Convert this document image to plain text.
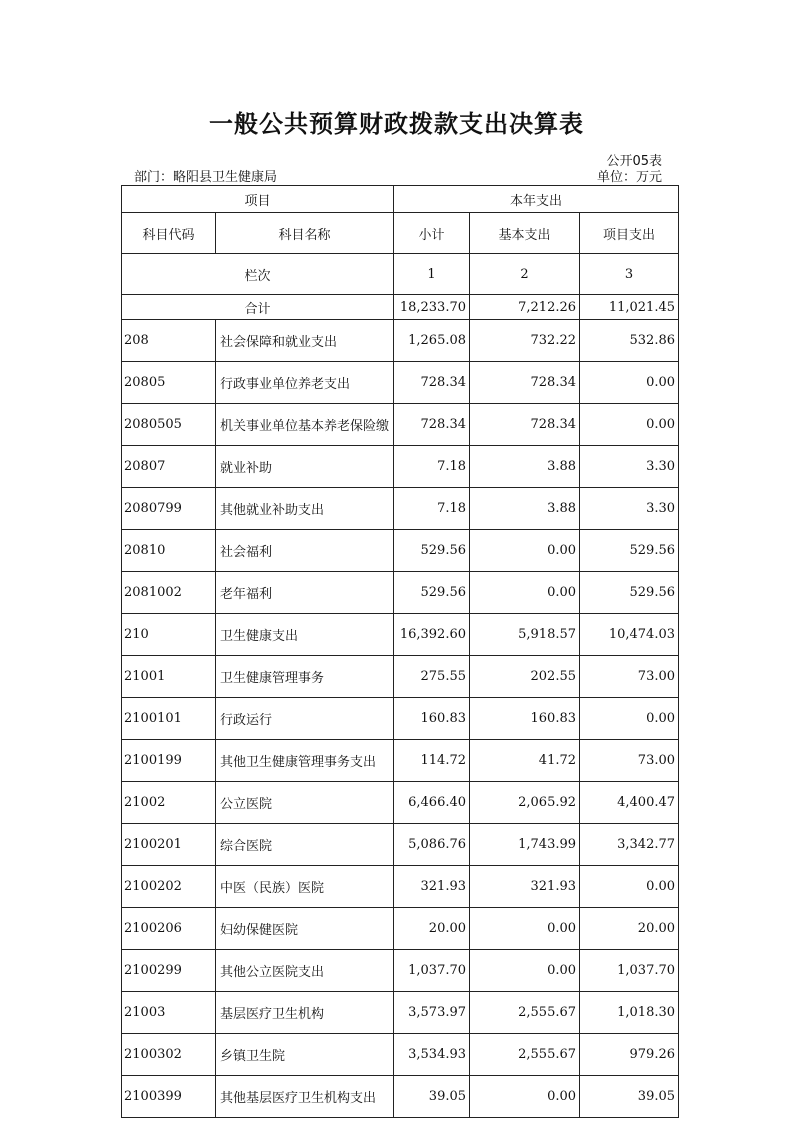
一般公共预算财政拨款支出决算表
公开05表
部门：略阳县卫生健康局	单位：万元
项目		本年支出		
科目代码	科目名称	小计	基本支出	项目支出
栏次		1	2	3
合计		18,233.70	7,212.26	11,021.45
208	社会保障和就业支出	1,265.08	732.22	532.86
20805	行政事业单位养老支出	728.34	728.34	0.00
2080505	机关事业单位基本养老保险缴	728.34	728.34	0.00
20807	就业补助	7.18	3.88	3.30
2080799	其他就业补助支出	7.18	3.88	3.30
20810	社会福利	529.56	0.00	529.56
2081002	老年福利	529.56	0.00	529.56
210	卫生健康支出	16,392.60	5,918.57	10,474.03
21001	卫生健康管理事务	275.55	202.55	73.00
2100101	行政运行	160.83	160.83	0.00
2100199	其他卫生健康管理事务支出	114.72	41.72	73.00
21002	公立医院	6,466.40	2,065.92	4,400.47
2100201	综合医院	5,086.76	1,743.99	3,342.77
2100202	中医（民族）医院	321.93	321.93	0.00
2100206	妇幼保健医院	20.00	0.00	20.00
2100299	其他公立医院支出	1,037.70	0.00	1,037.70
21003	基层医疗卫生机构	3,573.97	2,555.67	1,018.30
2100302	乡镇卫生院	3,534.93	2,555.67	979.26
2100399	其他基层医疗卫生机构支出	39.05	0.00	39.05
